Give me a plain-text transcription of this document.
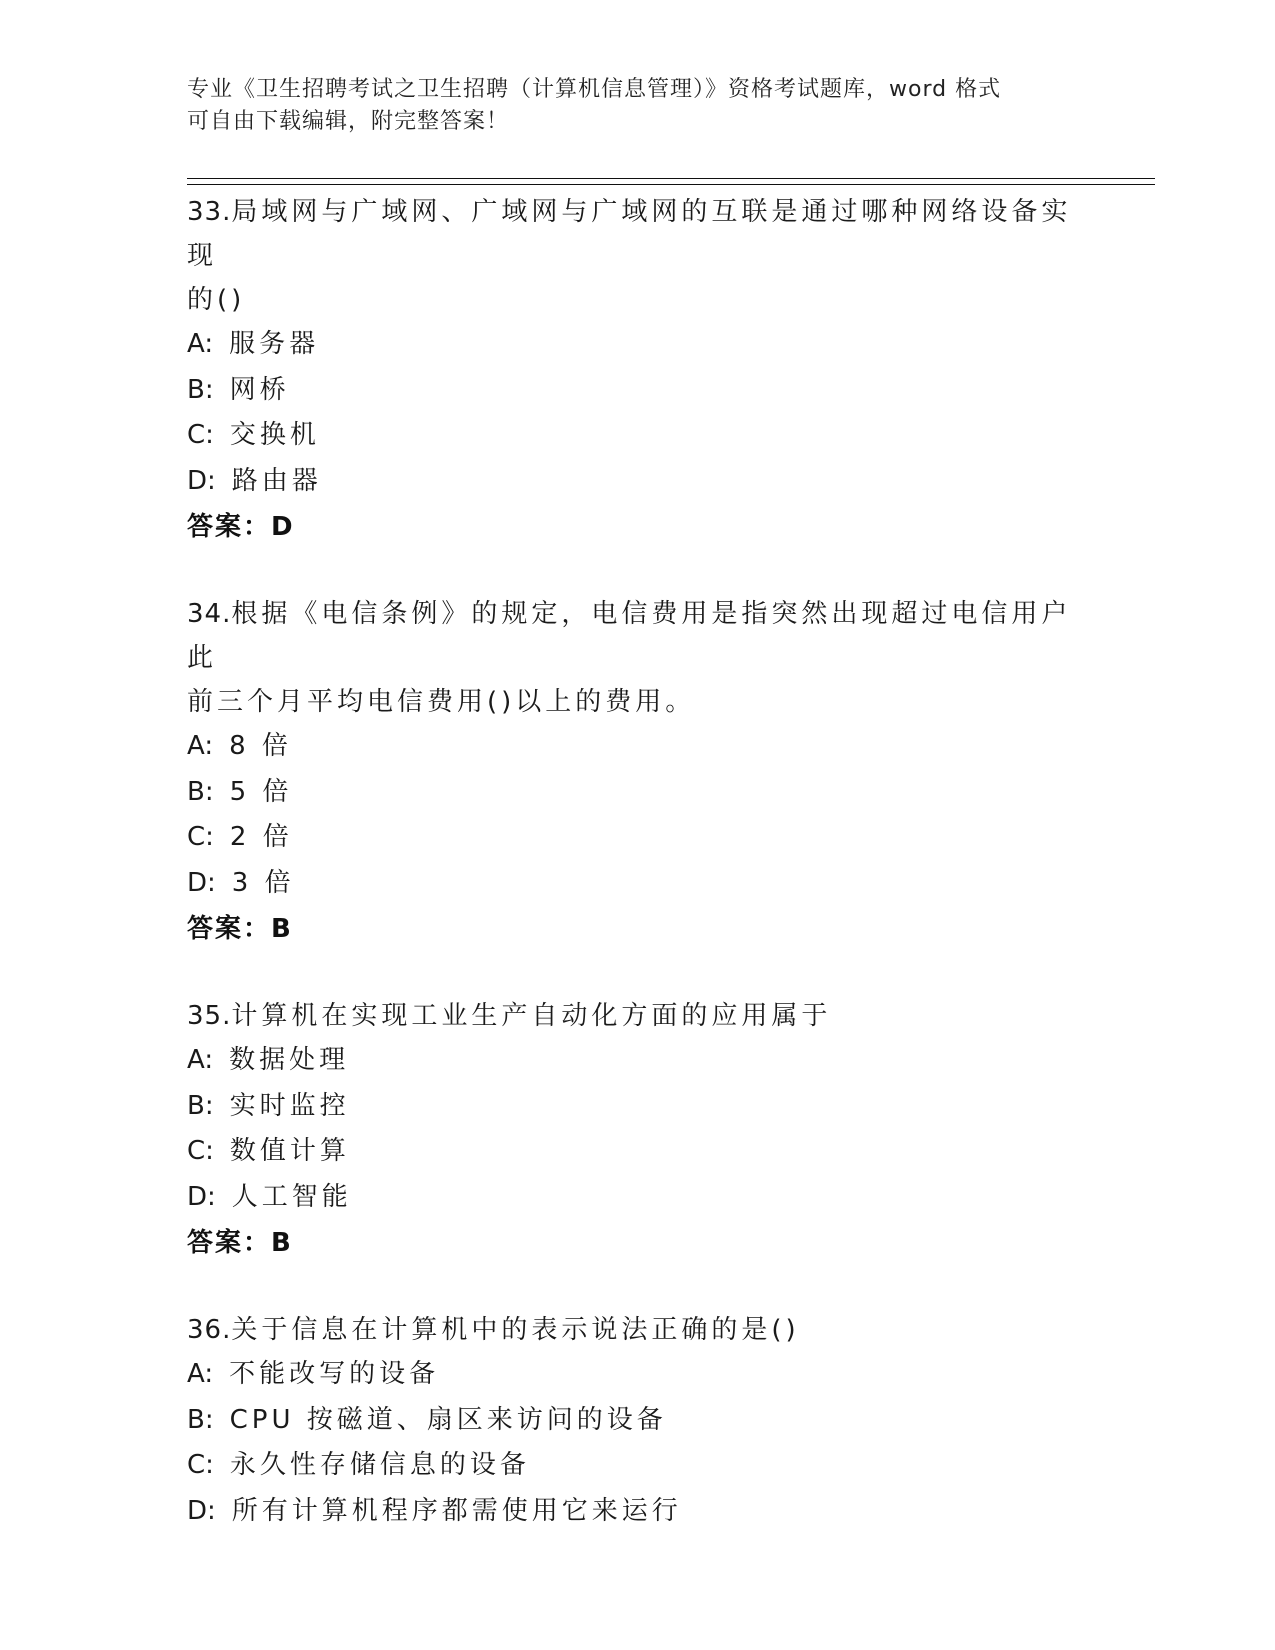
专业《卫生招聘考试之卫生招聘（计算机信息管理）》资格考试题库，word 格式
可自由下载编辑，附完整答案！
33.局域网与广域网、广域网与广域网的互联是通过哪种网络设备实现
的()
A: 服务器
B: 网桥
C: 交换机
D: 路由器
答案：D
34.根据《电信条例》的规定，电信费用是指突然出现超过电信用户此
前三个月平均电信费用()以上的费用。
A: 8 倍
B: 5 倍
C: 2 倍
D: 3 倍
答案：B
35.计算机在实现工业生产自动化方面的应用属于
A: 数据处理
B: 实时监控
C: 数值计算
D: 人工智能
答案：B
36.关于信息在计算机中的表示说法正确的是()
A: 不能改写的设备
B: CPU 按磁道、扇区来访问的设备
C: 永久性存储信息的设备
D: 所有计算机程序都需使用它来运行
